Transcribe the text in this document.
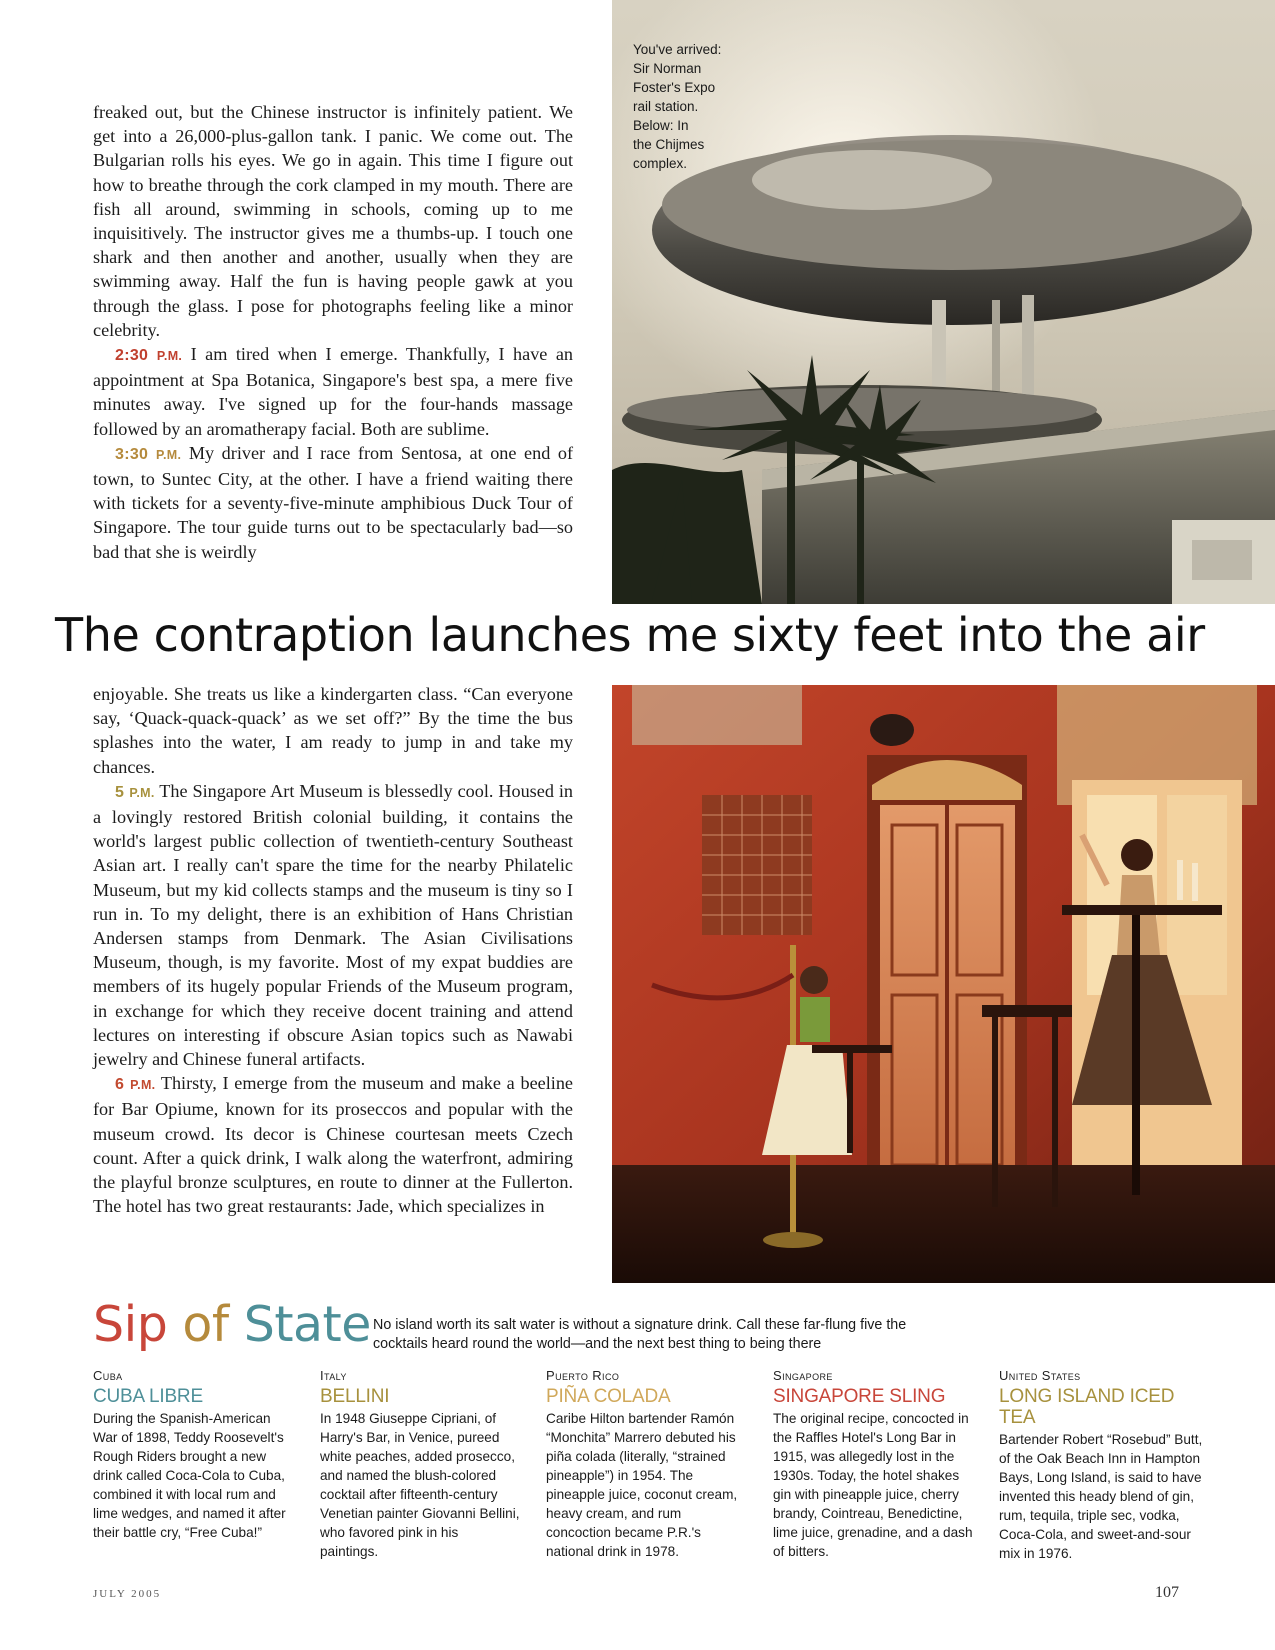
freaked out, but the Chinese instructor is infinitely patient. We get into a 26,000-plus-gallon tank. I panic. We come out. The Bulgarian rolls his eyes. We go in again. This time I figure out how to breathe through the cork clamped in my mouth. There are fish all around, swimming in schools, coming up to me inquisitively. The instructor gives me a thumbs-up. I touch one shark and then another and another, usually when they are swimming away. Half the fun is having people gawk at you through the glass. I pose for photographs feeling like a minor celebrity.

2:30 P.M. I am tired when I emerge. Thankfully, I have an appointment at Spa Botanica, Singapore's best spa, a mere five minutes away. I've signed up for the four-hands massage followed by an aromatherapy facial. Both are sublime.

3:30 P.M. My driver and I race from Sentosa, at one end of town, to Suntec City, at the other. I have a friend waiting there with tickets for a seventy-five-minute amphibious Duck Tour of Singapore. The tour guide turns out to be spectacularly bad—so bad that she is weirdly

You've arrived:
Sir Norman
Foster's Expo
rail station.
Below: In
the Chijmes
complex.
The contraption launches me sixty feet into the air

enjoyable. She treats us like a kindergarten class. “Can everyone say, ‘Quack-quack-quack’ as we set off?” By the time the bus splashes into the water, I am ready to jump in and take my chances.

5 P.M. The Singapore Art Museum is blessedly cool. Housed in a lovingly restored British colonial building, it contains the world's largest public collection of twentieth-century Southeast Asian art. I really can't spare the time for the nearby Philatelic Museum, but my kid collects stamps and the museum is tiny so I run in. To my delight, there is an exhibition of Hans Christian Andersen stamps from Denmark. The Asian Civilisations Museum, though, is my favorite. Most of my expat buddies are members of its hugely popular Friends of the Museum program, in exchange for which they receive docent training and attend lectures on interesting if obscure Asian topics such as Nawabi jewelry and Chinese funeral artifacts.

6 P.M. Thirsty, I emerge from the museum and make a beeline for Bar Opiume, known for its proseccos and popular with the museum crowd. Its decor is Chinese courtesan meets Czech count. After a quick drink, I walk along the waterfront, admiring the playful bronze sculptures, en route to dinner at the Fullerton. The hotel has two great restaurants: Jade, which specializes in

Sip of State No island worth its salt water is without a signature drink. Call these far-flung five the cocktails heard round the world—and the next best thing to being there
Cuba
CUBA LIBRE
During the Spanish-American War of 1898, Teddy Roosevelt's Rough Riders brought a new drink called Coca-Cola to Cuba, combined it with local rum and lime wedges, and named it after their battle cry, “Free Cuba!”
Italy
BELLINI
In 1948 Giuseppe Cipriani, of Harry's Bar, in Venice, pureed white peaches, added prosecco, and named the blush-colored cocktail after fifteenth-century Venetian painter Giovanni Bellini, who favored pink in his paintings.
Puerto Rico
PIÑA COLADA
Caribe Hilton bartender Ramón “Monchita” Marrero debuted his piña colada (literally, “strained pineapple”) in 1954. The pineapple juice, coconut cream, heavy cream, and rum concoction became P.R.'s national drink in 1978.
Singapore
SINGAPORE SLING
The original recipe, concocted in the Raffles Hotel's Long Bar in 1915, was allegedly lost in the 1930s. Today, the hotel shakes gin with pineapple juice, cherry brandy, Cointreau, Benedictine, lime juice, grenadine, and a dash of bitters.
United States
LONG ISLAND ICED TEA
Bartender Robert “Rosebud” Butt, of the Oak Beach Inn in Hampton Bays, Long Island, is said to have invented this heady blend of gin, rum, tequila, triple sec, vodka, Coca-Cola, and sweet-and-sour mix in 1976.
JULY 2005	107
